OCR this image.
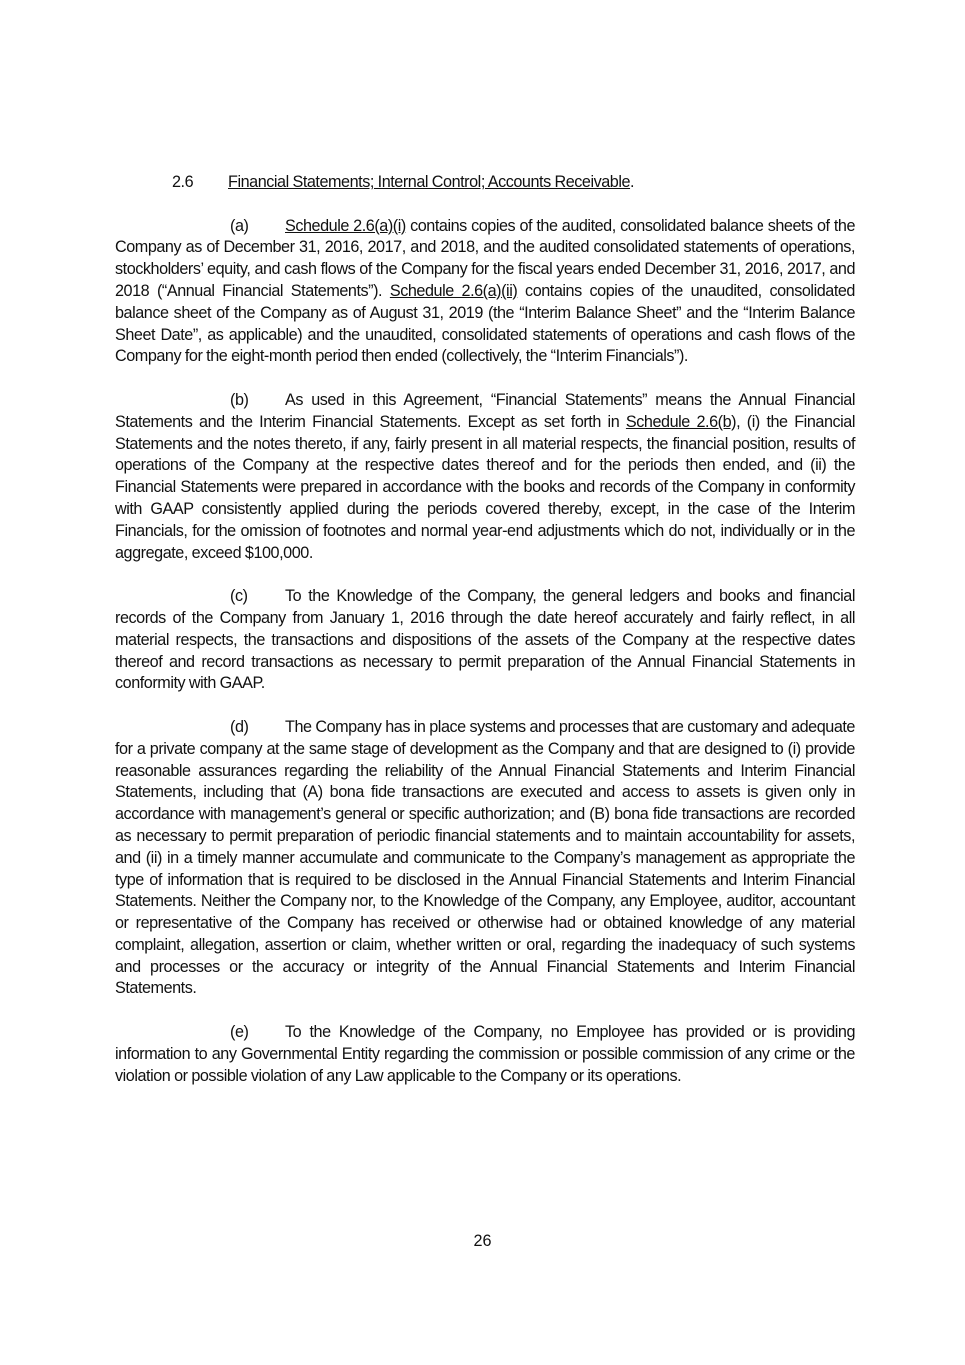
2.6 Financial Statements; Internal Control; Accounts Receivable.

(a) Schedule 2.6(a)(i) contains copies of the audited, consolidated balance sheets of the Company as of December 31, 2016, 2017, and 2018, and the audited consolidated statements of operations, stockholders’ equity, and cash flows of the Company for the fiscal years ended December 31, 2016, 2017, and 2018 (“Annual Financial Statements”). Schedule 2.6(a)(ii) contains copies of the unaudited, consolidated balance sheet of the Company as of August 31, 2019 (the “Interim Balance Sheet” and the “Interim Balance Sheet Date”, as applicable) and the unaudited, consolidated statements of operations and cash flows of the Company for the eight-month period then ended (collectively, the “Interim Financials”).

(b) As used in this Agreement, “Financial Statements” means the Annual Financial Statements and the Interim Financial Statements. Except as set forth in Schedule 2.6(b), (i) the Financial Statements and the notes thereto, if any, fairly present in all material respects, the financial position, results of operations of the Company at the respective dates thereof and for the periods then ended, and (ii) the Financial Statements were prepared in accordance with the books and records of the Company in conformity with GAAP consistently applied during the periods covered thereby, except, in the case of the Interim Financials, for the omission of footnotes and normal year-end adjustments which do not, individually or in the aggregate, exceed $100,000.

(c) To the Knowledge of the Company, the general ledgers and books and financial records of the Company from January 1, 2016 through the date hereof accurately and fairly reflect, in all material respects, the transactions and dispositions of the assets of the Company at the respective dates thereof and record transactions as necessary to permit preparation of the Annual Financial Statements in conformity with GAAP.

(d) The Company has in place systems and processes that are customary and adequate for a private company at the same stage of development as the Company and that are designed to (i) provide reasonable assurances regarding the reliability of the Annual Financial Statements and Interim Financial Statements, including that (A) bona fide transactions are executed and access to assets is given only in accordance with management’s general or specific authorization; and (B) bona fide transactions are recorded as necessary to permit preparation of periodic financial statements and to maintain accountability for assets, and (ii) in a timely manner accumulate and communicate to the Company’s management as appropriate the type of information that is required to be disclosed in the Annual Financial Statements and Interim Financial Statements. Neither the Company nor, to the Knowledge of the Company, any Employee, auditor, accountant or representative of the Company has received or otherwise had or obtained knowledge of any material complaint, allegation, assertion or claim, whether written or oral, regarding the inadequacy of such systems and processes or the accuracy or integrity of the Annual Financial Statements and Interim Financial Statements.

(e) To the Knowledge of the Company, no Employee has provided or is providing information to any Governmental Entity regarding the commission or possible commission of any crime or the violation or possible violation of any Law applicable to the Company or its operations.

26
